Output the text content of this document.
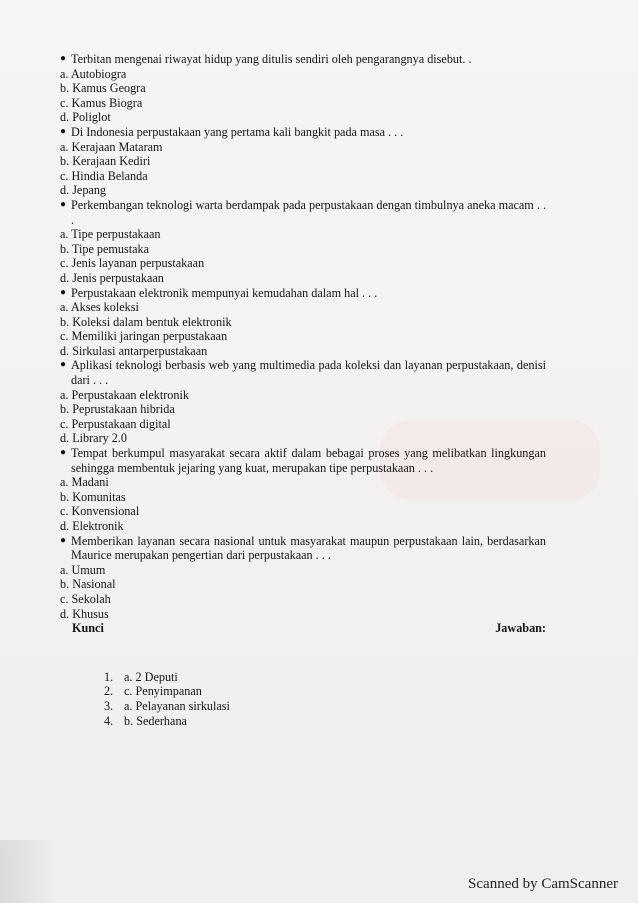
● Terbitan mengenai riwayat hidup yang ditulis sendiri oleh pengarangnya disebut. .
a. Autobiogra
b. Kamus Geogra
c. Kamus Biogra
d. Poliglot
● Di Indonesia perpustakaan yang pertama kali bangkit pada masa . . .
a. Kerajaan Mataram
b. Kerajaan Kediri
c. Hindia Belanda
d. Jepang
● Perkembangan teknologi warta berdampak pada perpustakaan dengan timbulnya aneka macam . . .
a. Tipe perpustakaan
b. Tipe pemustaka
c. Jenis layanan perpustakaan
d. Jenis perpustakaan
● Perpustakaan elektronik mempunyai kemudahan dalam hal . . .
a. Akses koleksi
b. Koleksi dalam bentuk elektronik
c. Memiliki jaringan perpustakaan
d. Sirkulasi antarperpustakaan
● Aplikasi teknologi berbasis web yang multimedia pada koleksi dan layanan perpustakaan, denisi dari . . .
a. Perpustakaan elektronik
b. Peprustakaan hibrida
c. Perpustakaan digital
d. Library 2.0
● Tempat berkumpul masyarakat secara aktif dalam bebagai proses yang melibatkan lingkungan sehingga membentuk jejaring yang kuat, merupakan tipe perpustakaan . . .
a. Madani
b. Komunitas
c. Konvensional
d. Elektronik
● Memberikan layanan secara nasional untuk masyarakat maupun perpustakaan lain, berdasarkan Maurice merupakan pengertian dari perpustakaan . . .
a. Umum
b. Nasional
c. Sekolah
d. Khusus
Kunci	Jawaban:
1. a. 2 Deputi
2. c. Penyimpanan
3. a. Pelayanan sirkulasi
4. b. Sederhana
Scanned by CamScanner
